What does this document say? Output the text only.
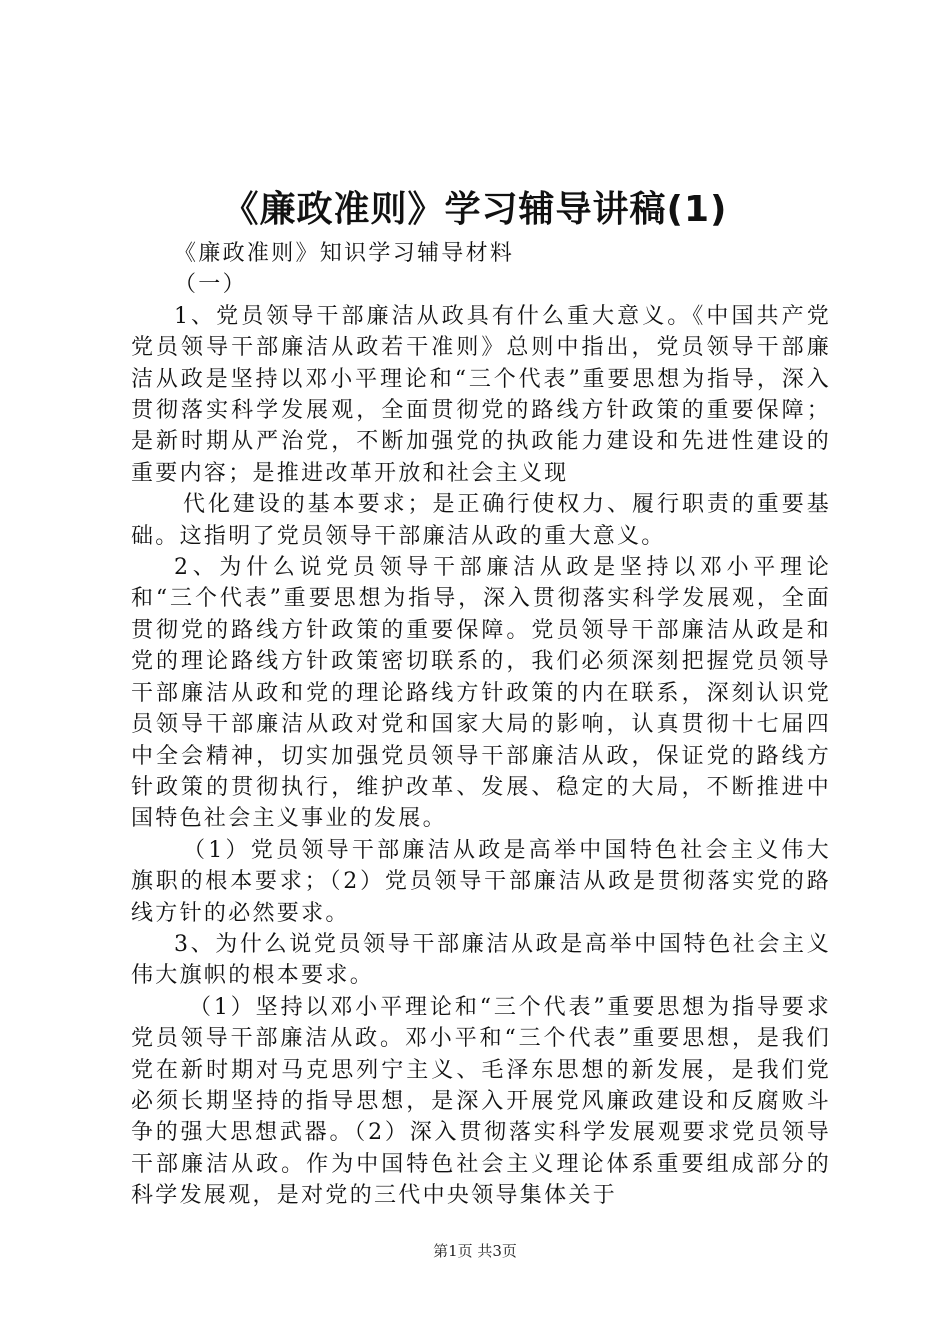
《廉政准则》学习辅导讲稿(1)

《廉政准则》知识学习辅导材料

（一）

1、党员领导干部廉洁从政具有什么重大意义。《中国共产党党员领导干部廉洁从政若干准则》总则中指出，党员领导干部廉洁从政是坚持以邓小平理论和“三个代表”重要思想为指导，深入贯彻落实科学发展观，全面贯彻党的路线方针政策的重要保障；是新时期从严治党，不断加强党的执政能力建设和先进性建设的重要内容；是推进改革开放和社会主义现

代化建设的基本要求；是正确行使权力、履行职责的重要基础。这指明了党员领导干部廉洁从政的重大意义。

2、为什么说党员领导干部廉洁从政是坚持以邓小平理论和“三个代表”重要思想为指导，深入贯彻落实科学发展观，全面贯彻党的路线方针政策的重要保障。党员领导干部廉洁从政是和党的理论路线方针政策密切联系的，我们必须深刻把握党员领导干部廉洁从政和党的理论路线方针政策的内在联系，深刻认识党员领导干部廉洁从政对党和国家大局的影响，认真贯彻十七届四中全会精神，切实加强党员领导干部廉洁从政，保证党的路线方针政策的贯彻执行，维护改革、发展、稳定的大局，不断推进中国特色社会主义事业的发展。

（1）党员领导干部廉洁从政是高举中国特色社会主义伟大旗职的根本要求；（2）党员领导干部廉洁从政是贯彻落实党的路线方针的必然要求。

3、为什么说党员领导干部廉洁从政是高举中国特色社会主义伟大旗帜的根本要求。

（1）坚持以邓小平理论和“三个代表”重要思想为指导要求党员领导干部廉洁从政。邓小平和“三个代表”重要思想，是我们党在新时期对马克思列宁主义、毛泽东思想的新发展，是我们党必须长期坚持的指导思想，是深入开展党风廉政建设和反腐败斗争的强大思想武器。（2）深入贯彻落实科学发展观要求党员领导干部廉洁从政。作为中国特色社会主义理论体系重要组成部分的科学发展观，是对党的三代中央领导集体关于

第1页 共3页
